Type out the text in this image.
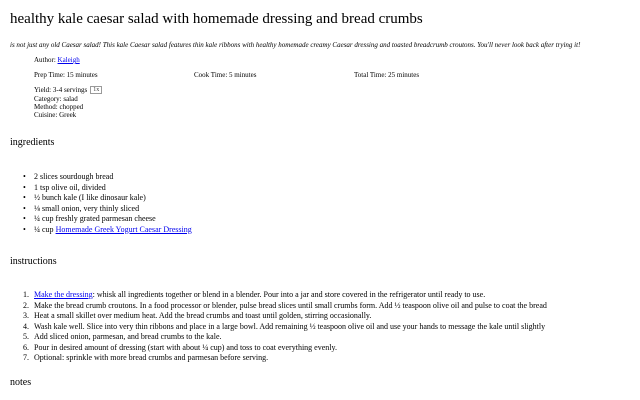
healthy kale caesar salad with homemade dressing and bread crumbs
is not just any old Caesar salad! This kale Caesar salad features thin kale ribbons with healthy homemade creamy Caesar dressing and toasted breadcrumb croutons. You'll never look back after trying it!
Author: Kaleigh
Prep Time: 15 minutes	Cook Time: 5 minutes	Total Time: 25 minutes
Yield: 3-4 servings 1x
Category: salad
Method: chopped
Cuisine: Greek
ingredients
• 2 slices sourdough bread
• 1 tsp olive oil, divided
• ½ bunch kale (I like dinosaur kale)
• ⅛ small onion, very thinly sliced
• ¼ cup freshly grated parmesan cheese
• ¼ cup Homemade Greek Yogurt Caesar Dressing
instructions
1. Make the dressing: whisk all ingredients together or blend in a blender. Pour into a jar and store covered in the refrigerator until ready to use.
2. Make the bread crumb croutons. In a food processor or blender, pulse bread slices until small crumbs form. Add ½ teaspoon olive oil and pulse to coat the bread
3. Heat a small skillet over medium heat. Add the bread crumbs and toast until golden, stirring occasionally.
4. Wash kale well. Slice into very thin ribbons and place in a large bowl. Add remaining ½ teaspoon olive oil and use your hands to message the kale until slightly
5. Add sliced onion, parmesan, and bread crumbs to the kale.
6. Pour in desired amount of dressing (start with about ¼ cup) and toss to coat everything evenly.
7. Optional: sprinkle with more bread crumbs and parmesan before serving.
notes
